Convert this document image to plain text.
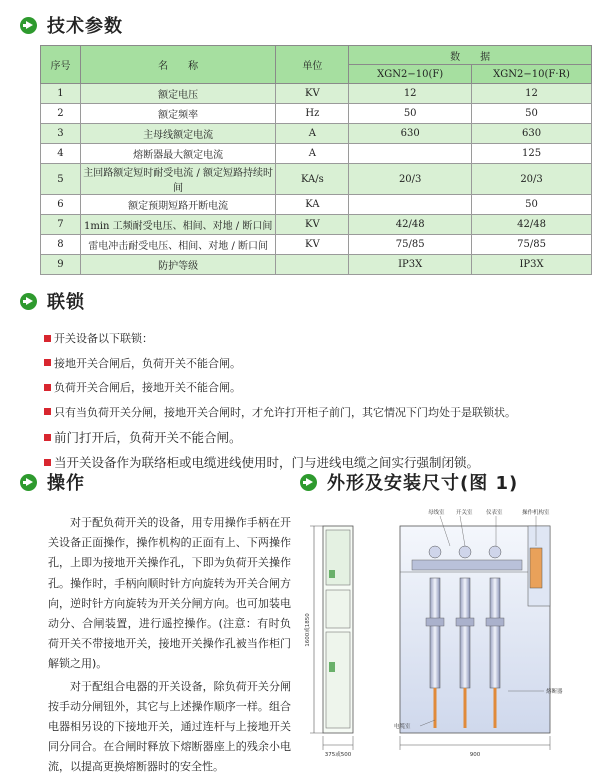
技术参数
序号	名　　称	单位	数　　据	
			XGN2−10(F)	XGN2−10(F·R)
1	额定电压	KV	12	12
2	额定频率	Hz	50	50
3	主母线额定电流	A	630	630
4	熔断器最大额定电流	A		125
5	主回路额定短时耐受电流 / 额定短路持续时间	KA/s	20/3	20/3
6	额定预期短路开断电流	KA		50
7	1min 工频耐受电压、相间、对地 / 断口间	KV	42/48	42/48
8	雷电冲击耐受电压、相间、对地 / 断口间	KV	75/85	75/85
9	防护等级		IP3X	IP3X
联锁
开关设备以下联锁：
接地开关合闸后，负荷开关不能合闸。
负荷开关合闸后，接地开关不能合闸。
只有当负荷开关分闸，接地开关合闸时，才允许打开柜子前门，其它情况下门均处于是联锁状。
前门打开后，负荷开关不能合闸。
当开关设备作为联络柜或电缆进线使用时，门与进线电缆之间实行强制闭锁。
操作

对于配负荷开关的设备，用专用操作手柄在开关设备正面操作，操作机构的正面有上、下两操作孔，上即为接地开关操作孔，下即为负荷开关操作孔。操作时，手柄向顺时针方向旋转为开关合闸方向，逆时针方向旋转为开关分闸方向。也可加装电动分、合闸装置，进行遥控操作。(注意：有时负荷开关不带接地开关，接地开关操作孔被当作柜门解锁之用)。

对于配组合电器的开关设备，除负荷开关分闸按手动分闸钮外，其它与上述操作顺序一样。组合电器相另设的下接地开关，通过连杆与上接地开关同分同合。在合闸时释放下熔断器座上的残余小电流，以提高更换熔断器时的安全性。

外形及安装尺寸(图 1)
1600或1850
375或500
母线室 开关室 仪表室	操作机构室
熔断器
电缆室
900
